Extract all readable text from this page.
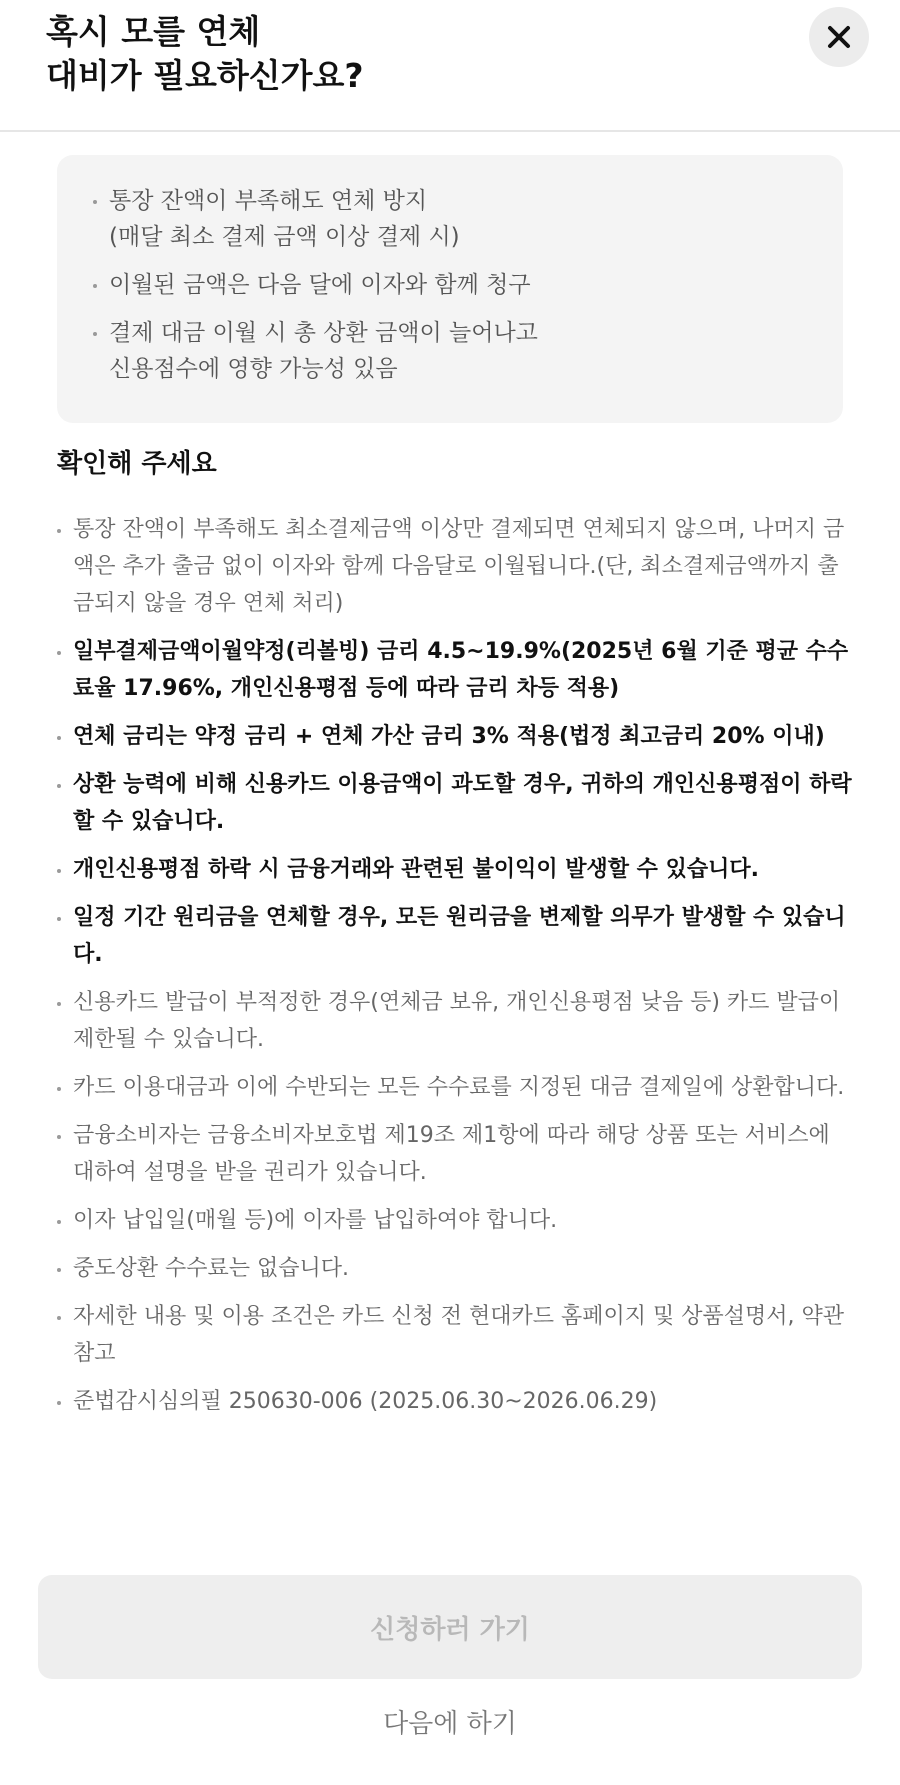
혹시 모를 연체
대비가 필요하신가요?
통장 잔액이 부족해도 연체 방지
(매달 최소 결제 금액 이상 결제 시)
이월된 금액은 다음 달에 이자와 함께 청구
결제 대금 이월 시 총 상환 금액이 늘어나고
신용점수에 영향 가능성 있음
확인해 주세요
통장 잔액이 부족해도 최소결제금액 이상만 결제되면 연체되지 않으며, 나머지 금액은 추가 출금 없이 이자와 함께 다음달로 이월됩니다.(단, 최소결제금액까지 출금되지 않을 경우 연체 처리)
일부결제금액이월약정(리볼빙) 금리 4.5~19.9%(2025년 6월 기준 평균 수수료율 17.96%, 개인신용평점 등에 따라 금리 차등 적용)
연체 금리는 약정 금리 + 연체 가산 금리 3% 적용(법정 최고금리 20% 이내)
상환 능력에 비해 신용카드 이용금액이 과도할 경우, 귀하의 개인신용평점이 하락할 수 있습니다.
개인신용평점 하락 시 금융거래와 관련된 불이익이 발생할 수 있습니다.
일정 기간 원리금을 연체할 경우, 모든 원리금을 변제할 의무가 발생할 수 있습니다.
신용카드 발급이 부적정한 경우(연체금 보유, 개인신용평점 낮음 등) 카드 발급이 제한될 수 있습니다.
카드 이용대금과 이에 수반되는 모든 수수료를 지정된 대금 결제일에 상환합니다.
금융소비자는 금융소비자보호법 제19조 제1항에 따라 해당 상품 또는 서비스에 대하여 설명을 받을 권리가 있습니다.
이자 납입일(매월 등)에 이자를 납입하여야 합니다.
중도상환 수수료는 없습니다.
자세한 내용 및 이용 조건은 카드 신청 전 현대카드 홈페이지 및 상품설명서, 약관 참고
준법감시심의필 250630-006 (2025.06.30~2026.06.29)
신청하러 가기
다음에 하기
